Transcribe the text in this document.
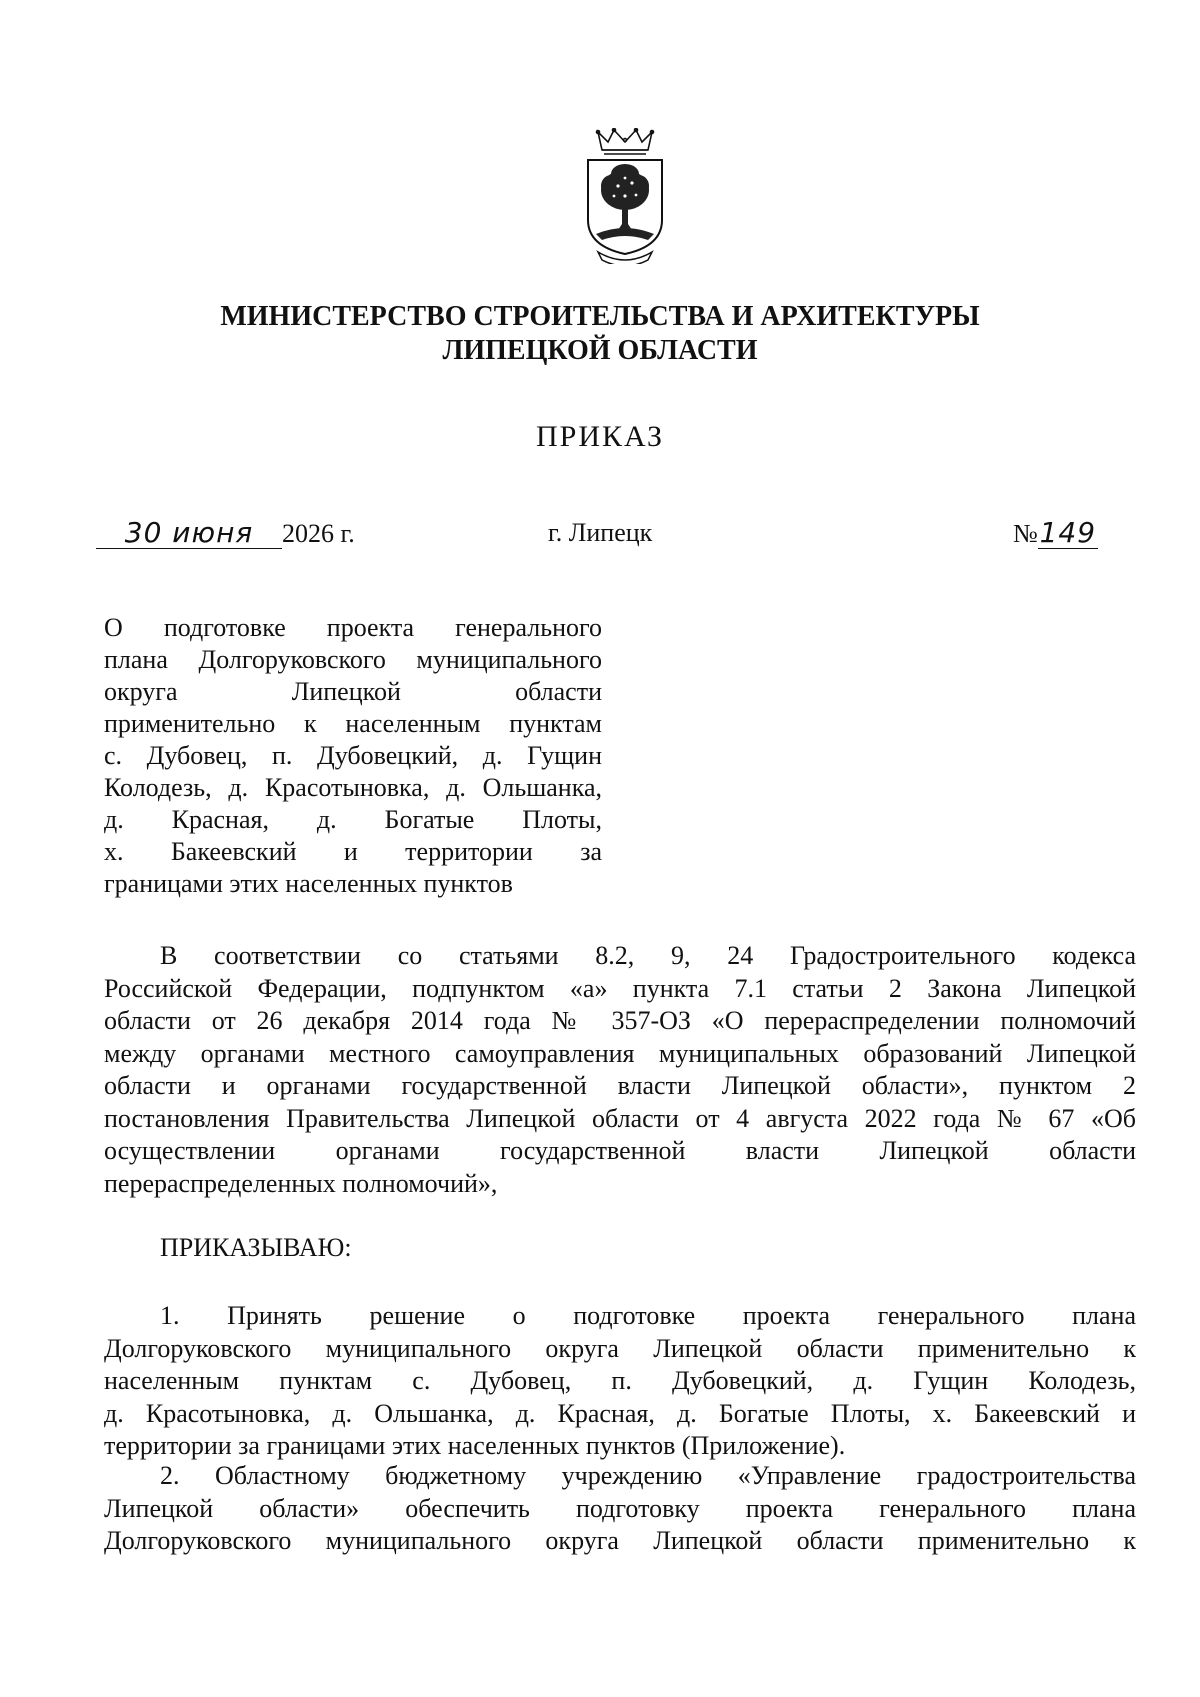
МИНИСТЕРСТВО СТРОИТЕЛЬСТВА И АРХИТЕКТУРЫ
ЛИПЕЦКОЙ ОБЛАСТИ
ПРИКАЗ
30 июня 2026 г.	г. Липецк	№149
О подготовке проекта генерального
плана Долгоруковского муниципального
округа Липецкой области
применительно к населенным пунктам
с. Дубовец, п. Дубовецкий, д. Гущин
Колодезь, д. Красотыновка, д. Ольшанка,
д. Красная, д. Богатые Плоты,
х. Бакеевский и территории за
границами этих населенных пунктов
В соответствии со статьями 8.2, 9, 24 Градостроительного кодекса
Российской Федерации, подпунктом «а» пункта 7.1 статьи 2 Закона Липецкой
области от 26 декабря 2014 года № 357-ОЗ «О перераспределении полномочий
между органами местного самоуправления муниципальных образований Липецкой
области и органами государственной власти Липецкой области», пунктом 2
постановления Правительства Липецкой области от 4 августа 2022 года № 67 «Об
осуществлении органами государственной власти Липецкой области
перераспределенных полномочий»,
ПРИКАЗЫВАЮ:
1. Принять решение о подготовке проекта генерального плана
Долгоруковского муниципального округа Липецкой области применительно к
населенным пунктам с. Дубовец, п. Дубовецкий, д. Гущин Колодезь,
д. Красотыновка, д. Ольшанка, д. Красная, д. Богатые Плоты, х. Бакеевский и
территории за границами этих населенных пунктов (Приложение).
2. Областному бюджетному учреждению «Управление градостроительства
Липецкой области» обеспечить подготовку проекта генерального плана
Долгоруковского муниципального округа Липецкой области применительно к
